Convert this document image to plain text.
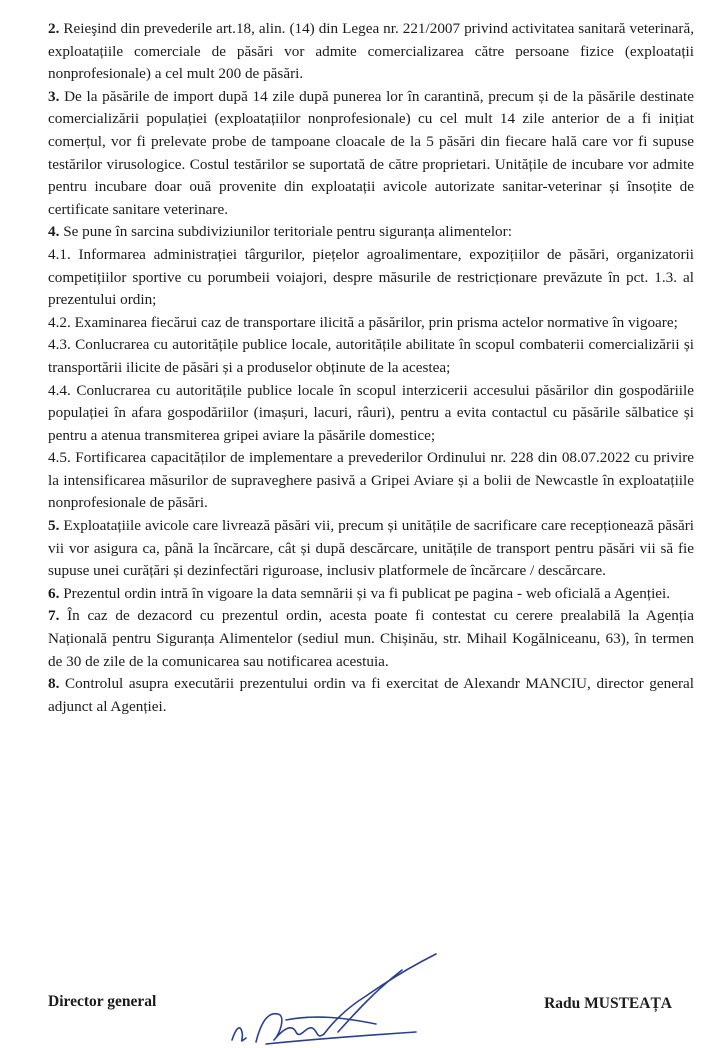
2. Reieşind din prevederile art.18, alin. (14) din Legea nr. 221/2007 privind activitatea sanitară veterinară, exploatațiile comerciale de păsări vor admite comercializarea către persoane fizice (exploatații nonprofesionale) a cel mult 200 de păsări.

3. De la păsările de import după 14 zile după punerea lor în carantină, precum și de la păsările destinate comercializării populației (exploatațiilor nonprofesionale) cu cel mult 14 zile anterior de a fi inițiat comerțul, vor fi prelevate probe de tampoane cloacale de la 5 păsări din fiecare hală care vor fi supuse testărilor virusologice. Costul testărilor se suportată de către proprietari. Unitățile de incubare vor admite pentru incubare doar ouă provenite din exploatații avicole autorizate sanitar-veterinar și însoțite de certificate sanitare veterinare.

4. Se pune în sarcina subdiviziunilor teritoriale pentru siguranța alimentelor:

4.1. Informarea administrației târgurilor, piețelor agroalimentare, expozițiilor de păsări, organizatorii competițiilor sportive cu porumbeii voiajori, despre măsurile de restricționare prevăzute în pct. 1.3. al prezentului ordin;

4.2. Examinarea fiecărui caz de transportare ilicită a păsărilor, prin prisma actelor normative în vigoare;

4.3. Conlucrarea cu autoritățile publice locale, autoritățile abilitate în scopul combaterii comercializării și transportării ilicite de păsări și a produselor obținute de la acestea;

4.4. Conlucrarea cu autoritățile publice locale în scopul interzicerii accesului păsărilor din gospodăriile populației în afara gospodăriilor (imașuri, lacuri, râuri), pentru a evita contactul cu păsările sălbatice și pentru a atenua transmiterea gripei aviare la păsările domestice;

4.5. Fortificarea capacităților de implementare a prevederilor Ordinului nr. 228 din 08.07.2022 cu privire la intensificarea măsurilor de supraveghere pasivă a Gripei Aviare și a bolii de Newcastle în exploatațiile nonprofesionale de păsări.

5. Exploatațiile avicole care livrează păsări vii, precum și unitățile de sacrificare care recepționează păsări vii vor asigura ca, până la încărcare, cât și după descărcare, unitățile de transport pentru păsări vii să fie supuse unei curățări și dezinfectări riguroase, inclusiv platformele de încărcare / descărcare.

6. Prezentul ordin intră în vigoare la data semnării și va fi publicat pe pagina - web oficială a Agenției.

7. În caz de dezacord cu prezentul ordin, acesta poate fi contestat cu cerere prealabilă la Agenția Națională pentru Siguranța Alimentelor (sediul mun. Chișinău, str. Mihail Kogălniceanu, 63), în termen de 30 de zile de la comunicarea sau notificarea acestuia.

8. Controlul asupra executării prezentului ordin va fi exercitat de Alexandr MANCIU, director general adjunct al Agenției.

Director general	Radu MUSTEAȚA
